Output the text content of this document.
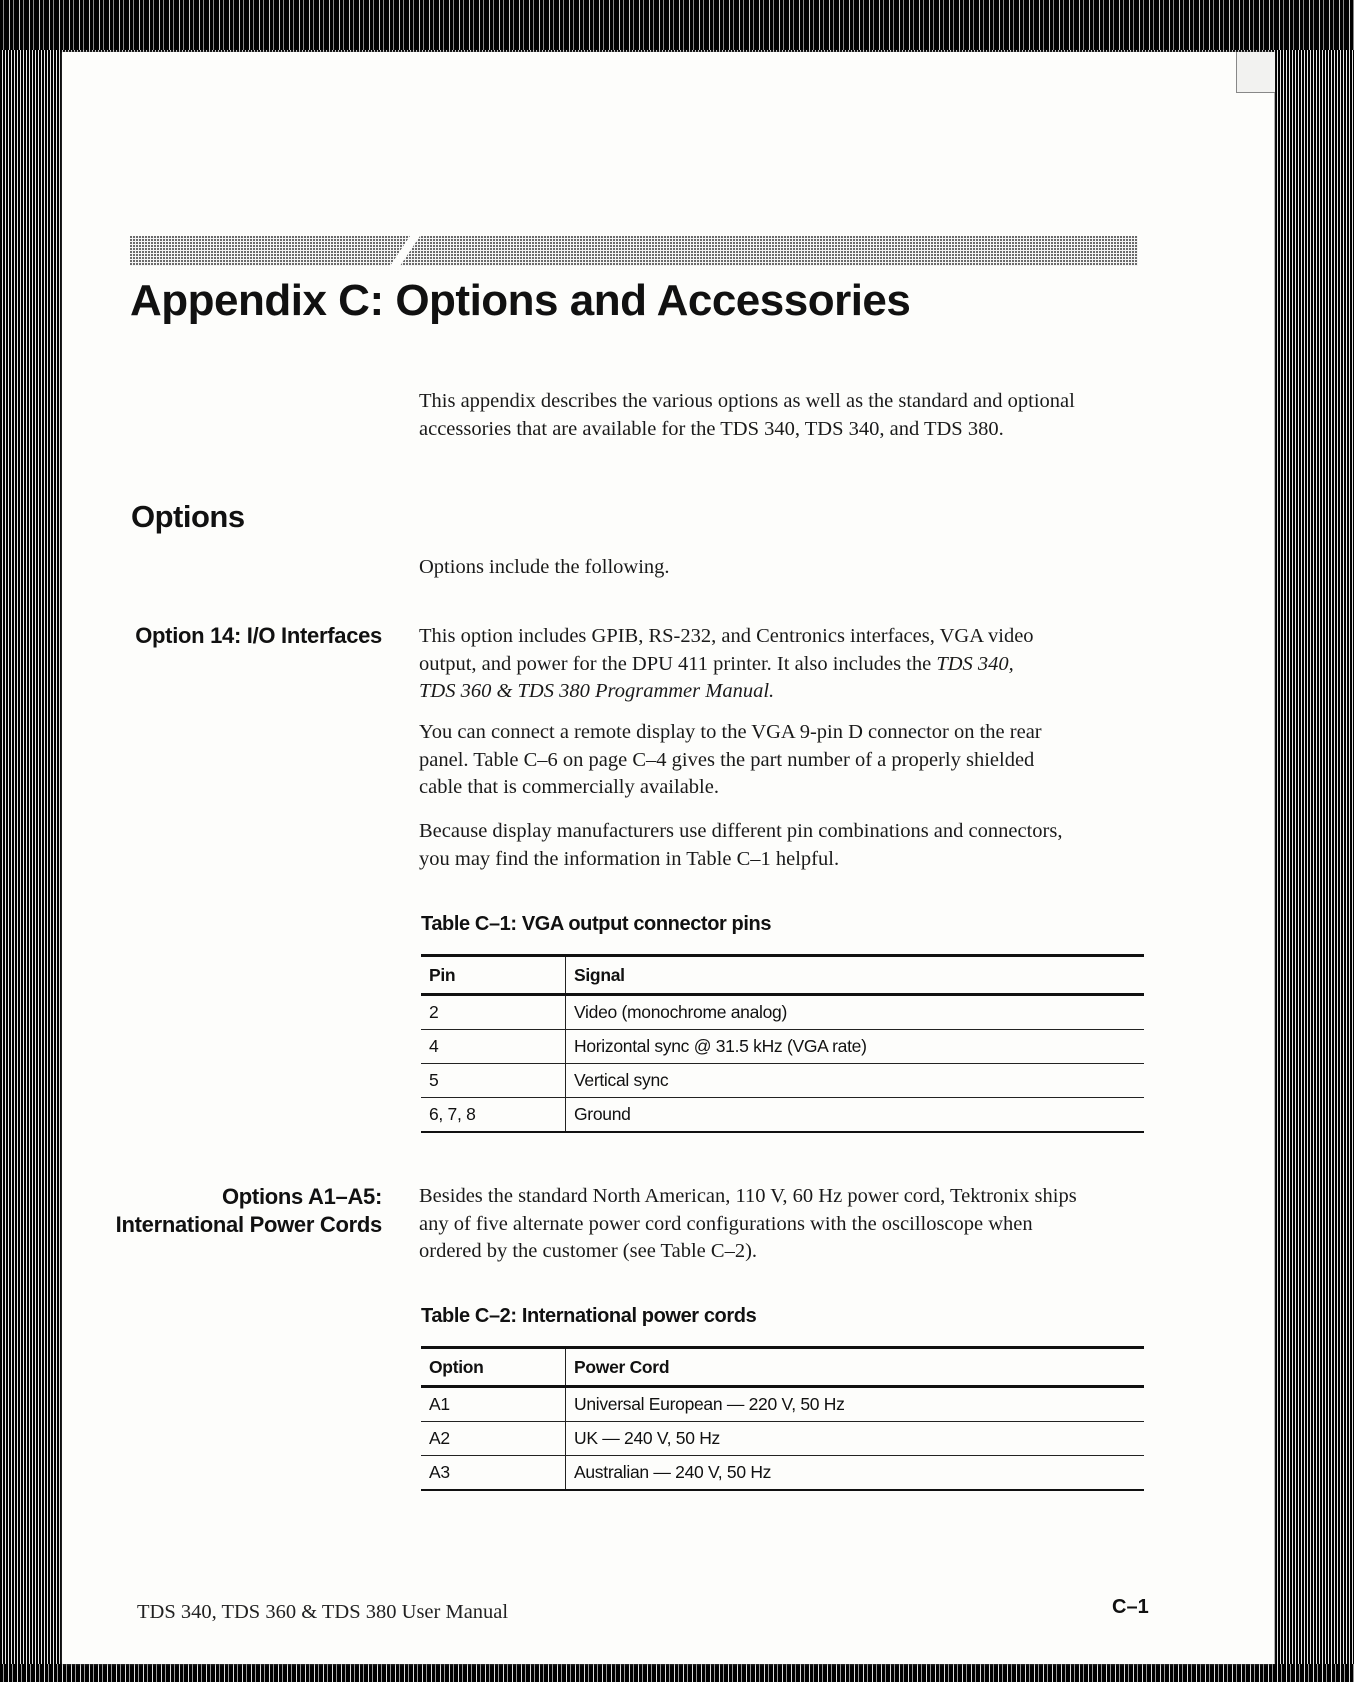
Appendix C: Options and Accessories

This appendix describes the various options as well as the standard and optional
accessories that are available for the TDS 340, TDS 340, and TDS 380.

Options

Options include the following.

Option 14: I/O Interfaces This option includes GPIB, RS-232, and Centronics interfaces, VGA video
output, and power for the DPU 411 printer. It also includes the TDS 340,
TDS 360 & TDS 380 Programmer Manual.

You can connect a remote display to the VGA 9-pin D connector on the rear
panel. Table C–6 on page C–4 gives the part number of a properly shielded
cable that is commercially available.

Because display manufacturers use different pin combinations and connectors,
you may find the information in Table C–1 helpful.

Table C–1: VGA output connector pins

Pin	Signal
2	Video (monochrome analog)
4	Horizontal sync @ 31.5 kHz (VGA rate)
5	Vertical sync
6, 7, 8	Ground
Options A1–A5:
International Power Cords

Besides the standard North American, 110 V, 60 Hz power cord, Tektronix ships
any of five alternate power cord configurations with the oscilloscope when
ordered by the customer (see Table C–2).

Table C–2: International power cords

Option	Power Cord
A1	Universal European — 220 V, 50 Hz
A2	UK — 240 V, 50 Hz
A3	Australian — 240 V, 50 Hz

TDS 340, TDS 360 & TDS 380 User Manual	C–1
